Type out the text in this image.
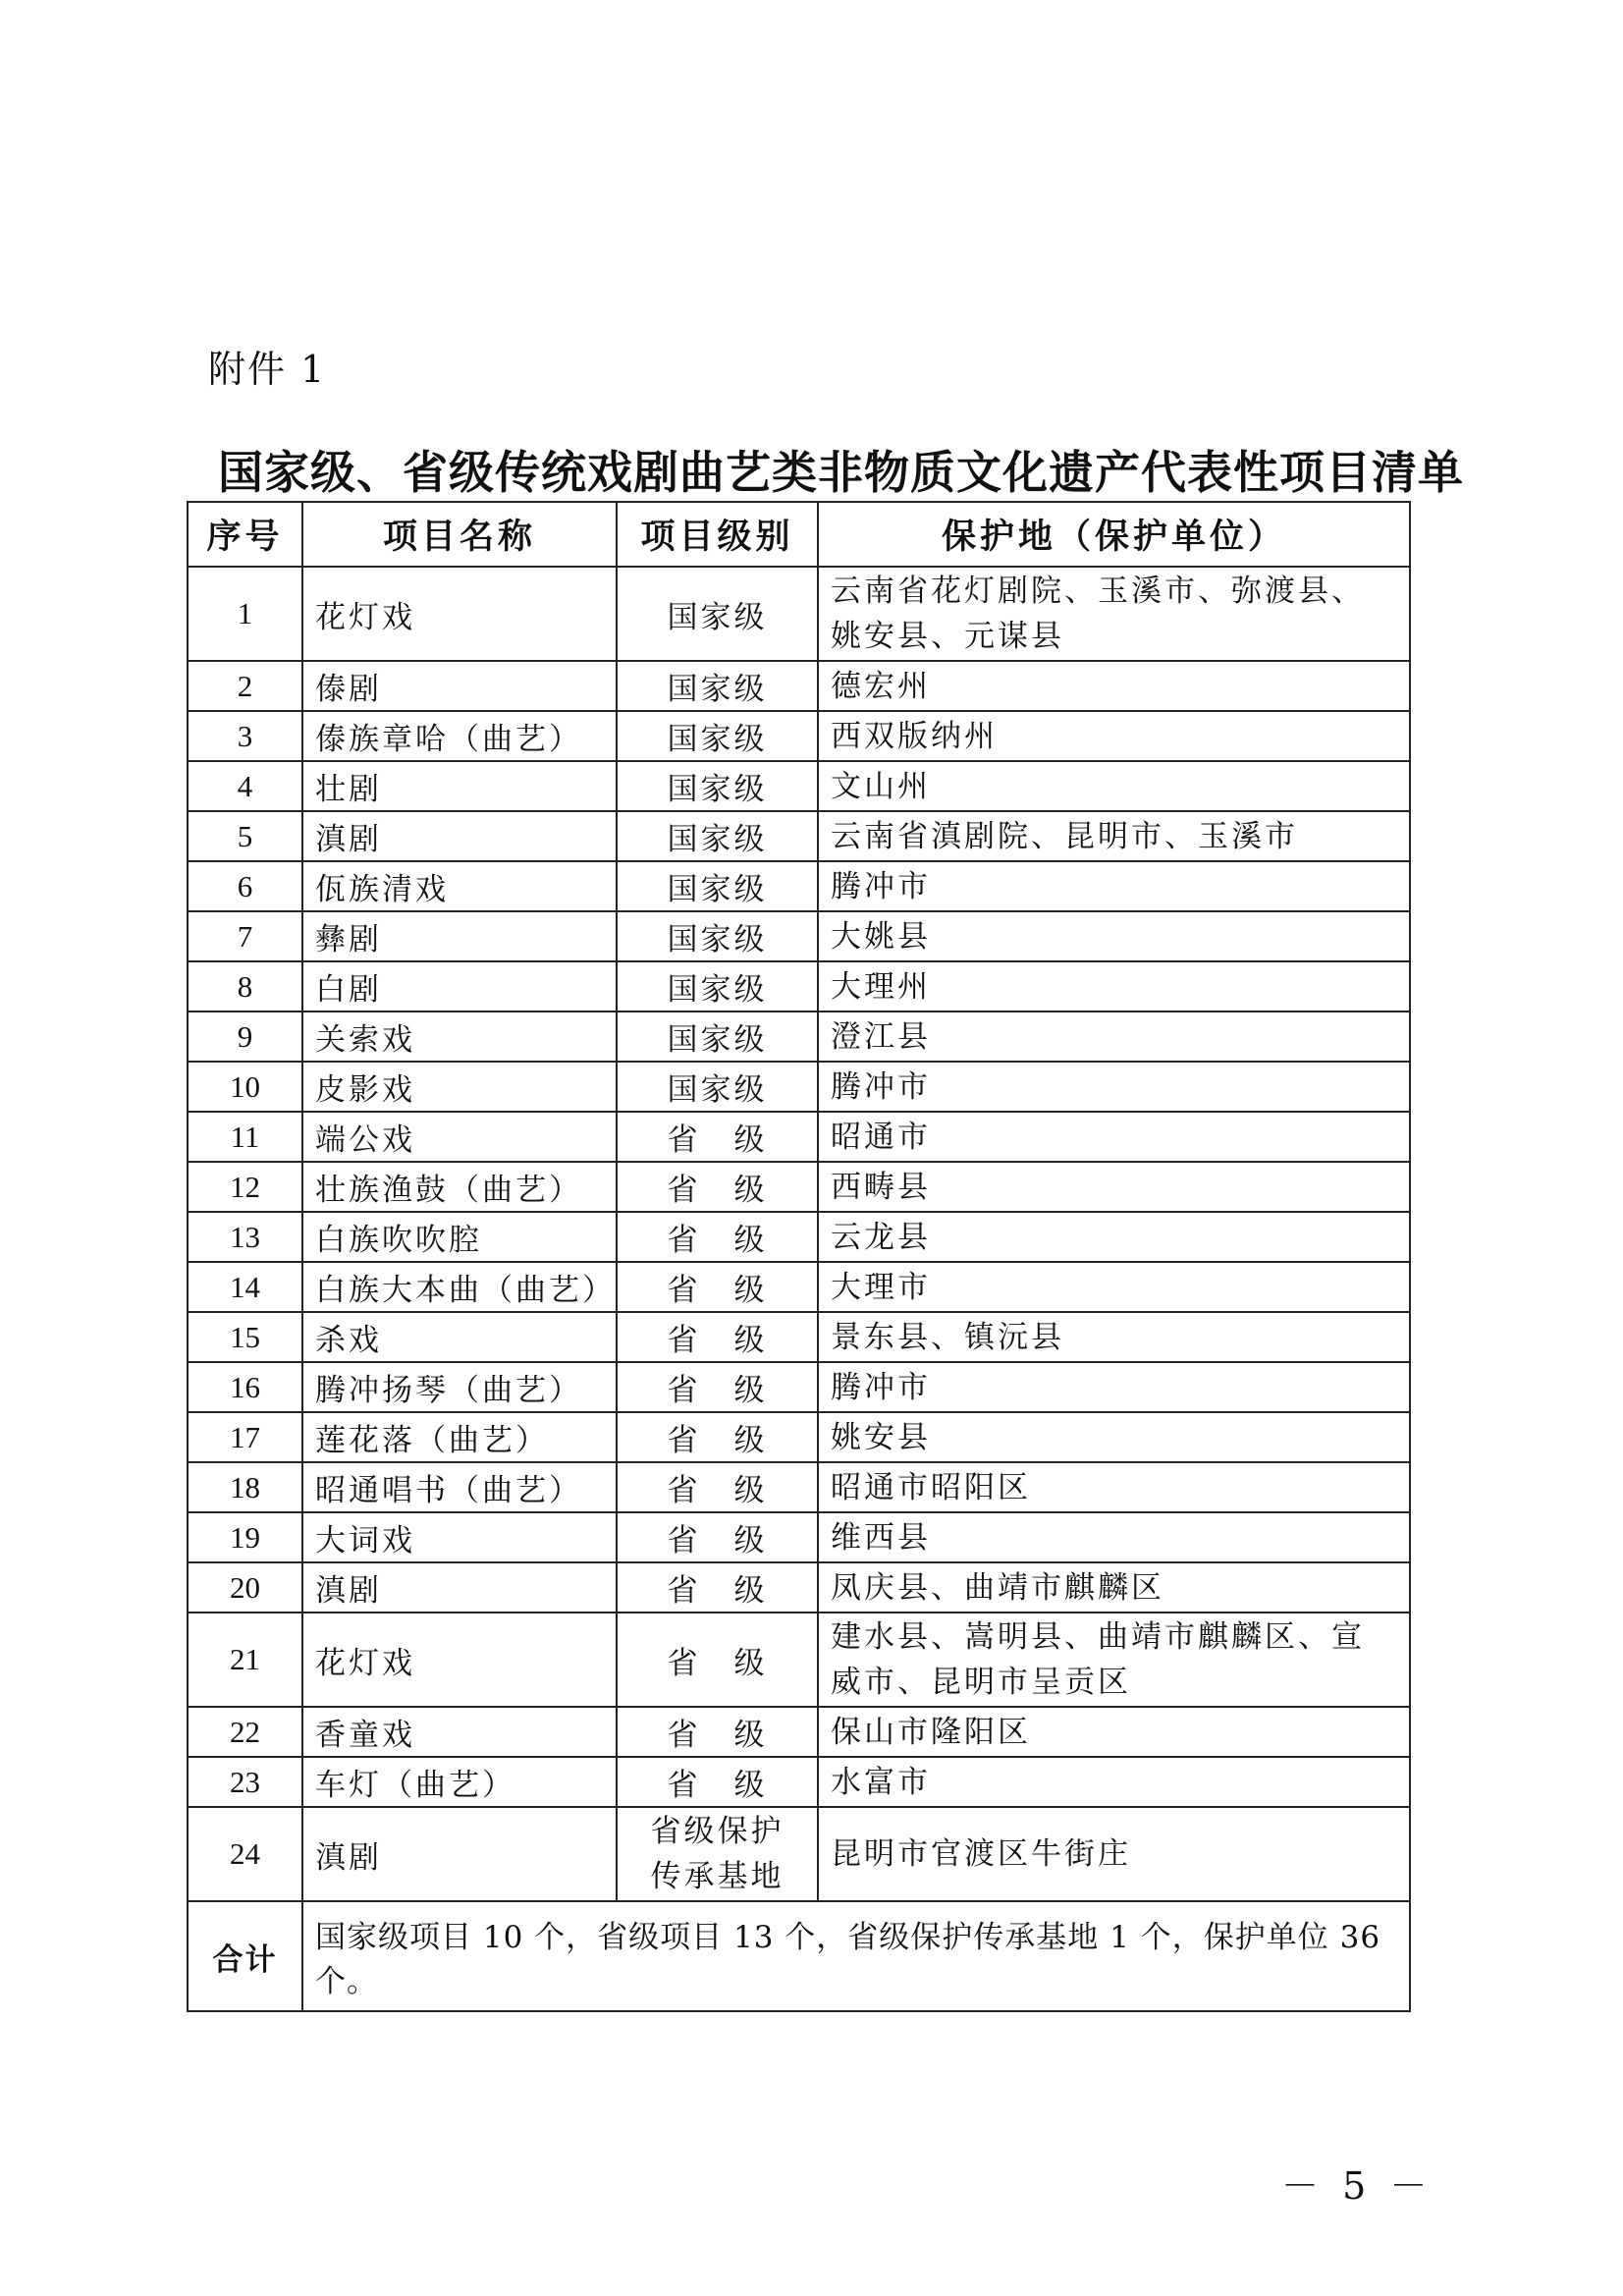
附件 1
国家级、省级传统戏剧曲艺类非物质文化遗产代表性项目清单
序号	项目名称	项目级别	保护地（保护单位）
1	花灯戏	国家级	云南省花灯剧院、玉溪市、弥渡县、姚安县、元谋县
2	傣剧	国家级	德宏州
3	傣族章哈（曲艺）	国家级	西双版纳州
4	壮剧	国家级	文山州
5	滇剧	国家级	云南省滇剧院、昆明市、玉溪市
6	佤族清戏	国家级	腾冲市
7	彝剧	国家级	大姚县
8	白剧	国家级	大理州
9	关索戏	国家级	澄江县
10	皮影戏	国家级	腾冲市
11	端公戏	省　级	昭通市
12	壮族渔鼓（曲艺）	省　级	西畴县
13	白族吹吹腔	省　级	云龙县
14	白族大本曲（曲艺）	省　级	大理市
15	杀戏	省　级	景东县、镇沅县
16	腾冲扬琴（曲艺）	省　级	腾冲市
17	莲花落（曲艺）	省　级	姚安县
18	昭通唱书（曲艺）	省　级	昭通市昭阳区
19	大词戏	省　级	维西县
20	滇剧	省　级	凤庆县、曲靖市麒麟区
21	花灯戏	省　级	建水县、嵩明县、曲靖市麒麟区、宣威市、昆明市呈贡区
22	香童戏	省　级	保山市隆阳区
23	车灯（曲艺）	省　级	水富市
24	滇剧	省级保护传承基地	昆明市官渡区牛街庄
合计	国家级项目 10 个，省级项目 13 个，省级保护传承基地 1 个，保护单位 36 个。		
－ 5 －
